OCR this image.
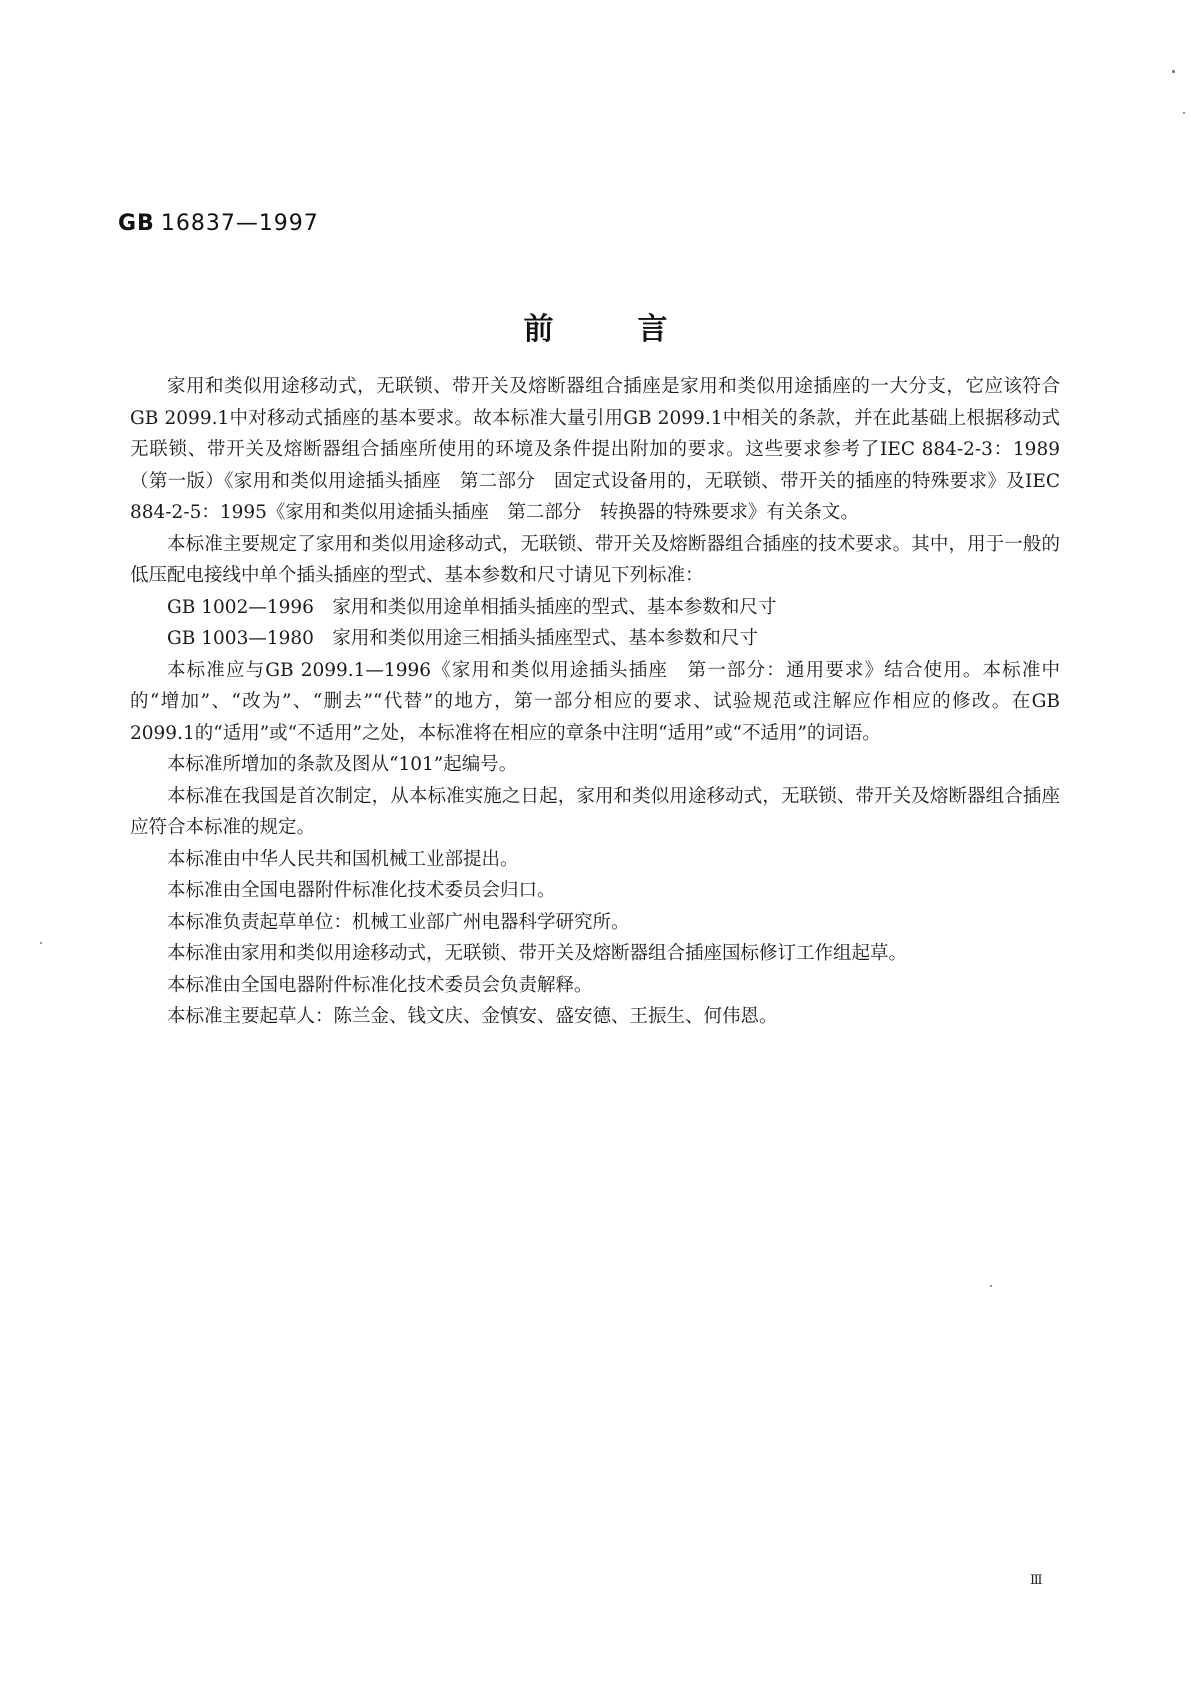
GB 16837—1997
前言

家用和类似用途移动式，无联锁、带开关及熔断器组合插座是家用和类似用途插座的一大分支，它应该符合GB 2099.1中对移动式插座的基本要求。故本标准大量引用GB 2099.1中相关的条款，并在此基础上根据移动式无联锁、带开关及熔断器组合插座所使用的环境及条件提出附加的要求。这些要求参考了IEC 884-2-3：1989（第一版）《家用和类似用途插头插座　第二部分　固定式设备用的，无联锁、带开关的插座的特殊要求》及IEC 884-2-5：1995《家用和类似用途插头插座　第二部分　转换器的特殊要求》有关条文。

本标准主要规定了家用和类似用途移动式，无联锁、带开关及熔断器组合插座的技术要求。其中，用于一般的低压配电接线中单个插头插座的型式、基本参数和尺寸请见下列标准：

GB 1002—1996　家用和类似用途单相插头插座的型式、基本参数和尺寸

GB 1003—1980　家用和类似用途三相插头插座型式、基本参数和尺寸

本标准应与GB 2099.1—1996《家用和类似用途插头插座　第一部分：通用要求》结合使用。本标准中的“增加”、“改为”、“删去”“代替”的地方，第一部分相应的要求、试验规范或注解应作相应的修改。在GB 2099.1的“适用”或“不适用”之处，本标准将在相应的章条中注明“适用”或“不适用”的词语。

本标准所增加的条款及图从“101”起编号。

本标准在我国是首次制定，从本标准实施之日起，家用和类似用途移动式，无联锁、带开关及熔断器组合插座应符合本标准的规定。

本标准由中华人民共和国机械工业部提出。

本标准由全国电器附件标准化技术委员会归口。

本标准负责起草单位：机械工业部广州电器科学研究所。

本标准由家用和类似用途移动式，无联锁、带开关及熔断器组合插座国标修订工作组起草。

本标准由全国电器附件标准化技术委员会负责解释。

本标准主要起草人：陈兰金、钱文庆、金慎安、盛安德、王振生、何伟恩。

Ⅲ
